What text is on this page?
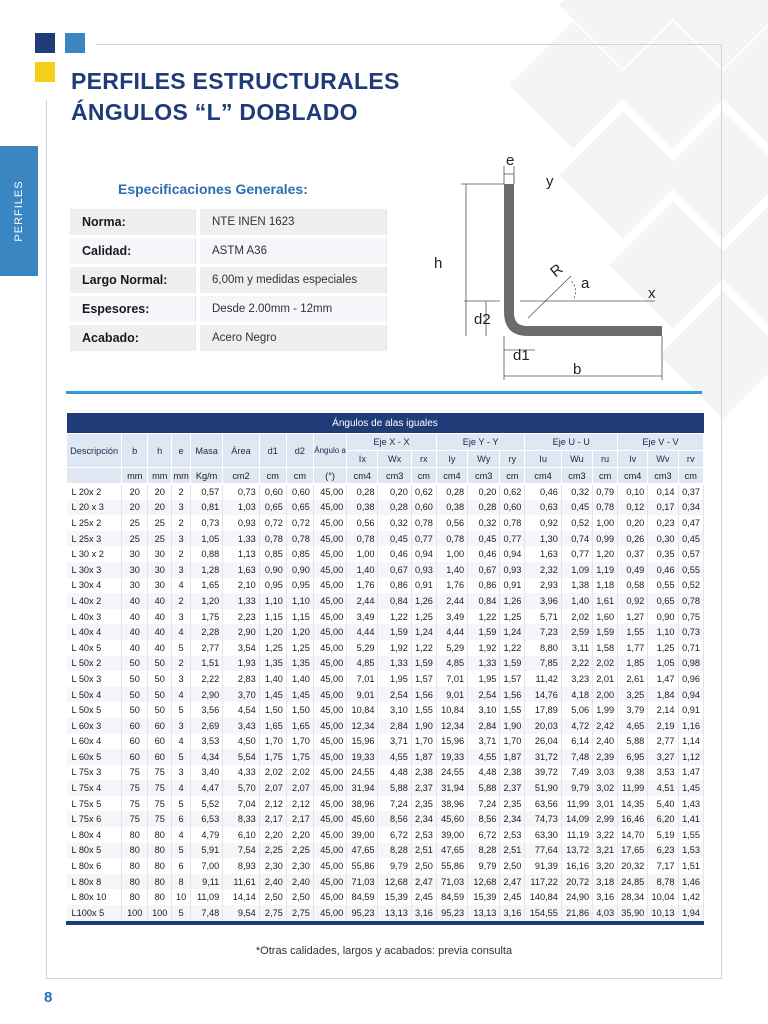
PERFILES
PERFILES ESTRUCTURALES
ÁNGULOS “L” DOBLADO
Especificaciones Generales:
Norma:	NTE INEN 1623
Calidad:	ASTM A36
Largo Normal:	6,00m y medidas especiales
Espesores:	Desde 2.00mm - 12mm
Acabado:	Acero Negro
e
y
h	R
a
x
d2
d1
b
Ángulos de alas iguales																				
Descripción	b	h	e	Masa	Área	d1	d2	Ángulo a	Eje X - X			Eje Y - Y			Eje U - U			Eje V - V		
									Ix	Wx	rx	Iy	Wy	ry	Iu	Wu	ru	Iv	Wv	rv
	mm	mm	mm	Kg/m	cm2	cm	cm	(°)	cm4	cm3	cm	cm4	cm3	cm	cm4	cm3	cm	cm4	cm3	cm
L 20x 2	20	20	2	0,57	0,73	0,60	0,60	45,00	0,28	0,20	0,62	0,28	0,20	0,62	0,46	0,32	0,79	0,10	0,14	0,37
L 20 x 3	20	20	3	0,81	1,03	0,65	0,65	45,00	0,38	0,28	0,60	0,38	0,28	0,60	0,63	0,45	0,78	0,12	0,17	0,34
L 25x 2	25	25	2	0,73	0,93	0,72	0,72	45,00	0,56	0,32	0,78	0,56	0,32	0,78	0,92	0,52	1,00	0,20	0,23	0,47
L 25x 3	25	25	3	1,05	1,33	0,78	0,78	45,00	0,78	0,45	0,77	0,78	0,45	0,77	1,30	0,74	0,99	0,26	0,30	0,45
L 30 x 2	30	30	2	0,88	1,13	0,85	0,85	45,00	1,00	0,46	0,94	1,00	0,46	0,94	1,63	0,77	1,20	0,37	0,35	0,57
L 30x 3	30	30	3	1,28	1,63	0,90	0,90	45,00	1,40	0,67	0,93	1,40	0,67	0,93	2,32	1,09	1,19	0,49	0,46	0,55
L 30x 4	30	30	4	1,65	2,10	0,95	0,95	45,00	1,76	0,86	0,91	1,76	0,86	0,91	2,93	1,38	1,18	0,58	0,55	0,52
L 40x 2	40	40	2	1,20	1,33	1,10	1,10	45,00	2,44	0,84	1,26	2,44	0,84	1,26	3,96	1,40	1,61	0,92	0,65	0,78
L 40x 3	40	40	3	1,75	2,23	1,15	1,15	45,00	3,49	1,22	1,25	3,49	1,22	1,25	5,71	2,02	1,60	1,27	0,90	0,75
L 40x 4	40	40	4	2,28	2,90	1,20	1,20	45,00	4,44	1,59	1,24	4,44	1,59	1,24	7,23	2,59	1,59	1,55	1,10	0,73
L 40x 5	40	40	5	2,77	3,54	1,25	1,25	45,00	5,29	1,92	1,22	5,29	1,92	1,22	8,80	3,11	1,58	1,77	1,25	0,71
L 50x 2	50	50	2	1,51	1,93	1,35	1,35	45,00	4,85	1,33	1,59	4,85	1,33	1,59	7,85	2,22	2,02	1,85	1,05	0,98
L 50x 3	50	50	3	2,22	2,83	1,40	1,40	45,00	7,01	1,95	1,57	7,01	1,95	1,57	11,42	3,23	2,01	2,61	1,47	0,96
L 50x 4	50	50	4	2,90	3,70	1,45	1,45	45,00	9,01	2,54	1,56	9,01	2,54	1,56	14,76	4,18	2,00	3,25	1,84	0,94
L 50x 5	50	50	5	3,56	4,54	1,50	1,50	45,00	10,84	3,10	1,55	10,84	3,10	1,55	17,89	5,06	1,99	3,79	2,14	0,91
L 60x 3	60	60	3	2,69	3,43	1,65	1,65	45,00	12,34	2,84	1,90	12,34	2,84	1,90	20,03	4,72	2,42	4,65	2,19	1,16
L 60x 4	60	60	4	3,53	4,50	1,70	1,70	45,00	15,96	3,71	1,70	15,96	3,71	1,70	26,04	6,14	2,40	5,88	2,77	1,14
L 60x 5	60	60	5	4,34	5,54	1,75	1,75	45,00	19,33	4,55	1,87	19,33	4,55	1,87	31,72	7,48	2,39	6,95	3,27	1,12
L 75x 3	75	75	3	3,40	4,33	2,02	2,02	45,00	24,55	4,48	2,38	24,55	4,48	2,38	39,72	7,49	3,03	9,38	3,53	1,47
L 75x 4	75	75	4	4,47	5,70	2,07	2,07	45,00	31,94	5,88	2,37	31,94	5,88	2,37	51,90	9,79	3,02	11,99	4,51	1,45
L 75x 5	75	75	5	5,52	7,04	2,12	2,12	45,00	38,96	7,24	2,35	38,96	7,24	2,35	63,56	11,99	3,01	14,35	5,40	1,43
L 75x 6	75	75	6	6,53	8,33	2,17	2,17	45,00	45,60	8,56	2,34	45,60	8,56	2,34	74,73	14,09	2,99	16,46	6,20	1,41
L 80x 4	80	80	4	4,79	6,10	2,20	2,20	45,00	39,00	6,72	2,53	39,00	6,72	2,53	63,30	11,19	3,22	14,70	5,19	1,55
L 80x 5	80	80	5	5,91	7,54	2,25	2,25	45,00	47,65	8,28	2,51	47,65	8,28	2,51	77,64	13,72	3,21	17,65	6,23	1,53
L 80x 6	80	80	6	7,00	8,93	2,30	2,30	45,00	55,86	9,79	2,50	55,86	9,79	2,50	91,39	16,16	3,20	20,32	7,17	1,51
L 80x 8	80	80	8	9,11	11,61	2,40	2,40	45,00	71,03	12,68	2,47	71,03	12,68	2,47	117,22	20,72	3,18	24,85	8,78	1,46
L 80x 10	80	80	10	11,09	14,14	2,50	2,50	45,00	84,59	15,39	2,45	84,59	15,39	2,45	140,84	24,90	3,16	28,34	10,04	1,42
L100x 5	100	100	5	7,48	9,54	2,75	2,75	45,00	95,23	13,13	3,16	95,23	13,13	3,16	154,55	21,86	4,03	35,90	10,13	1,94
*Otras calidades, largos y acabados: previa consulta
8
